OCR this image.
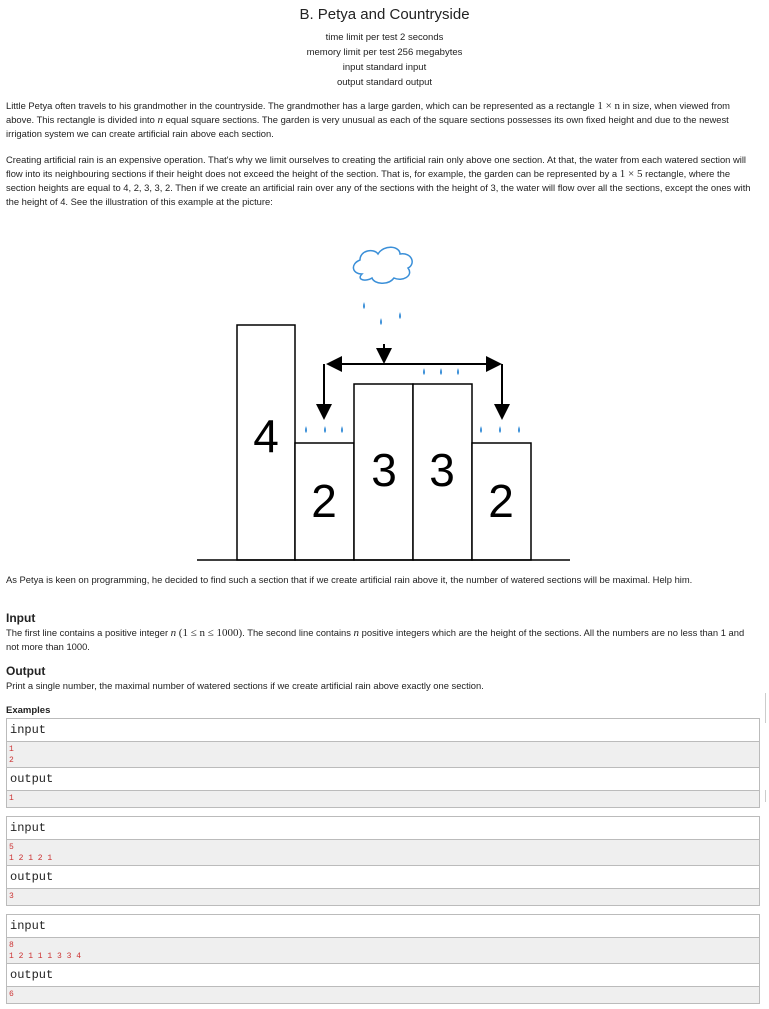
B. Petya and Countryside
time limit per test 2 seconds
memory limit per test 256 megabytes
input standard input
output standard output
Little Petya often travels to his grandmother in the countryside. The grandmother has a large garden, which can be represented as a rectangle 1 × n in size, when viewed from above. This rectangle is divided into n equal square sections. The garden is very unusual as each of the square sections possesses its own fixed height and due to the newest irrigation system we can create artificial rain above each section.
Creating artificial rain is an expensive operation. That's why we limit ourselves to creating the artificial rain only above one section. At that, the water from each watered section will flow into its neighbouring sections if their height does not exceed the height of the section. That is, for example, the garden can be represented by a 1 × 5 rectangle, where the section heights are equal to 4, 2, 3, 3, 2. Then if we create an artificial rain over any of the sections with the height of 3, the water will flow over all the sections, except the ones with the height of 4. See the illustration of this example at the picture:
4
2
3 3
2
As Petya is keen on programming, he decided to find such a section that if we create artificial rain above it, the number of watered sections will be maximal. Help him.
Input
The first line contains a positive integer n (1 ≤ n ≤ 1000). The second line contains n positive integers which are the height of the sections. All the numbers are no less than 1 and not more than 1000.
Output
Print a single number, the maximal number of watered sections if we create artificial rain above exactly one section.
Examples
input
1
2
output
1
input
5
1 2 1 2 1
output
3
input
8
1 2 1 1 1 3 3 4
output
6
